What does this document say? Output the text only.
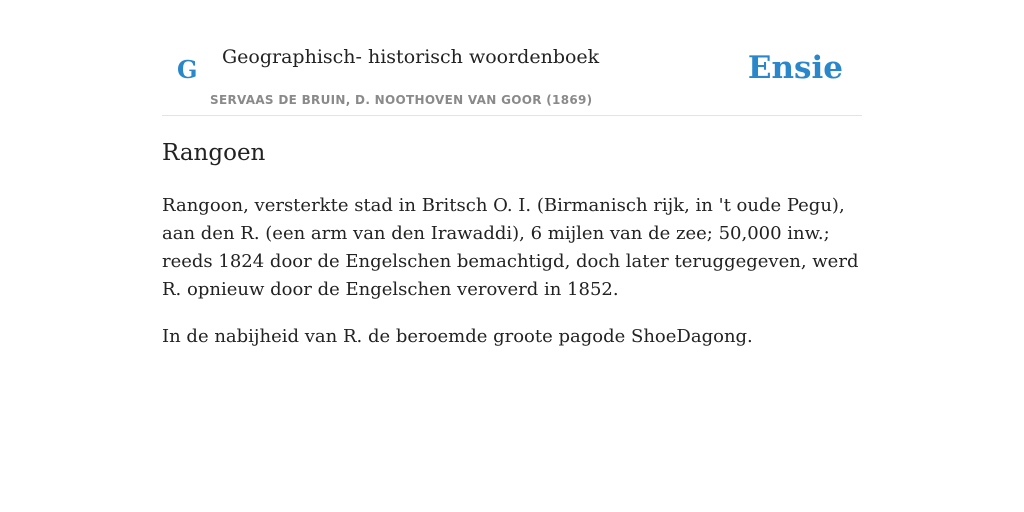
G Geographisch- historisch woordenboek
SERVAAS DE BRUIN, D. NOOTHOVEN VAN GOOR (1869)
Ensie
Rangoen

Rangoon, versterkte stad in Britsch O. I. (Birmanisch rijk, in 't oude Pegu), aan den R. (een arm van den Irawaddi), 6 mijlen van de zee; 50,000 inw.; reeds 1824 door de Engelschen bemachtigd, doch later teruggegeven, werd R. opnieuw door de Engelschen veroverd in 1852.

In de nabijheid van R. de beroemde groote pagode ShoeDagong.
